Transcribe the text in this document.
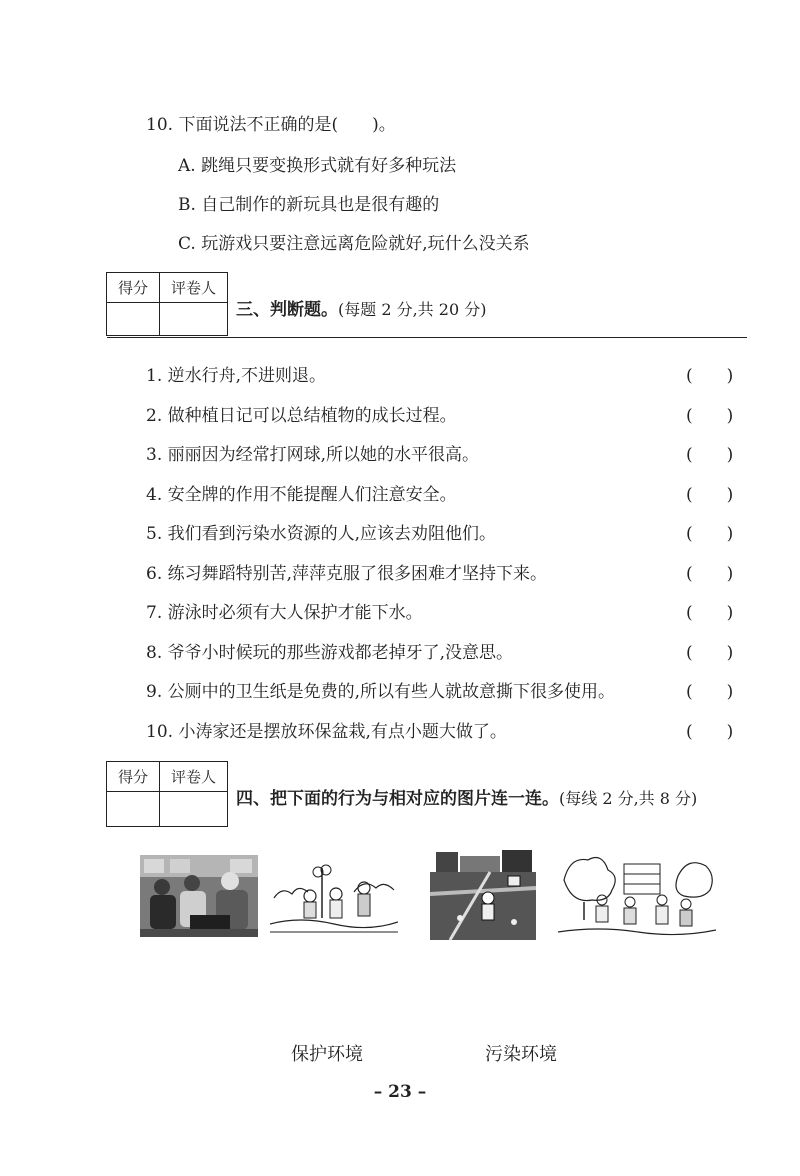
10. 下面说法不正确的是(　　)。
A. 跳绳只要变换形式就有好多种玩法
B. 自己制作的新玩具也是很有趣的
C. 玩游戏只要注意远离危险就好,玩什么没关系
得分	评卷人

三、判断题。(每题 2 分,共 20 分)
1. 逆水行舟,不进则退。	(　　)
2. 做种植日记可以总结植物的成长过程。	(　　)
3. 丽丽因为经常打网球,所以她的水平很高。	(　　)
4. 安全牌的作用不能提醒人们注意安全。	(　　)
5. 我们看到污染水资源的人,应该去劝阻他们。	(　　)
6. 练习舞蹈特别苦,萍萍克服了很多困难才坚持下来。	(　　)
7. 游泳时必须有大人保护才能下水。	(　　)
8. 爷爷小时候玩的那些游戏都老掉牙了,没意思。	(　　)
9. 公厕中的卫生纸是免费的,所以有些人就故意撕下很多使用。	(　　)
10. 小涛家还是摆放环保盆栽,有点小题大做了。	(　　)
得分	评卷人

四、把下面的行为与相对应的图片连一连。(每线 2 分,共 8 分)
保护环境	污染环境
– 23 –
